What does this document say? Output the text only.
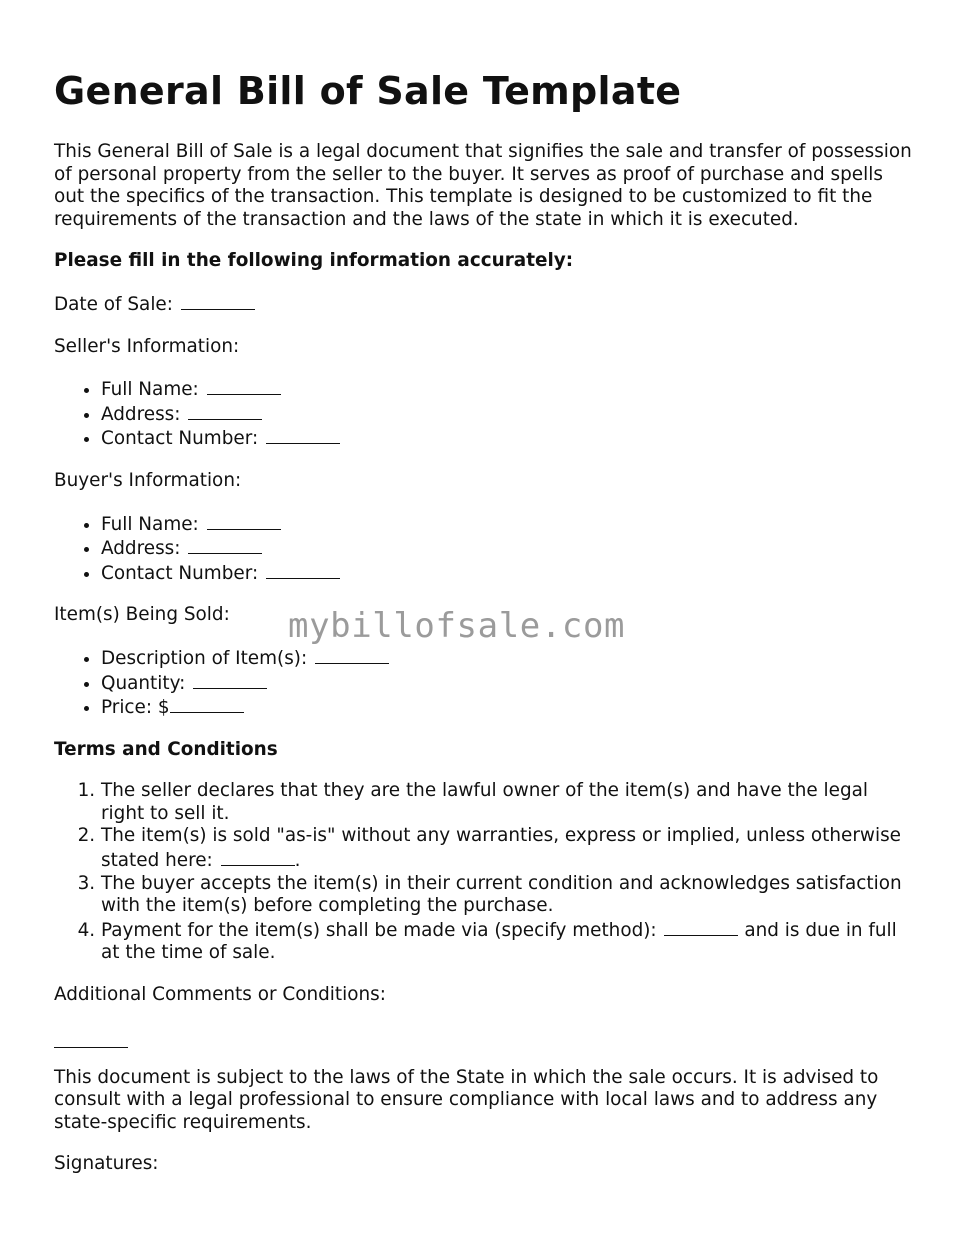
General Bill of Sale Template

This General Bill of Sale is a legal document that signifies the sale and transfer of possession of personal property from the seller to the buyer. It serves as proof of purchase and spells out the specifics of the transaction. This template is designed to be customized to fit the requirements of the transaction and the laws of the state in which it is executed.

Please fill in the following information accurately:

Date of Sale:

Seller's Information:

• Full Name:
• Address:
• Contact Number:

Buyer's Information:

• Full Name:
• Address:
• Contact Number:

Item(s) Being Sold:

• Description of Item(s):
• Quantity:
• Price: $

Terms and Conditions

1. The seller declares that they are the lawful owner of the item(s) and have the legal right to sell it.
2. The item(s) is sold "as-is" without any warranties, express or implied, unless otherwise stated here:	.
3. The buyer accepts the item(s) in their current condition and acknowledges satisfaction with the item(s) before completing the purchase.
4. Payment for the item(s) shall be made via (specify method):	and is due in full at the time of sale.

Additional Comments or Conditions:

This document is subject to the laws of the State in which the sale occurs. It is advised to consult with a legal professional to ensure compliance with local laws and to address any state-specific requirements.

Signatures:

mybillofsale.com
